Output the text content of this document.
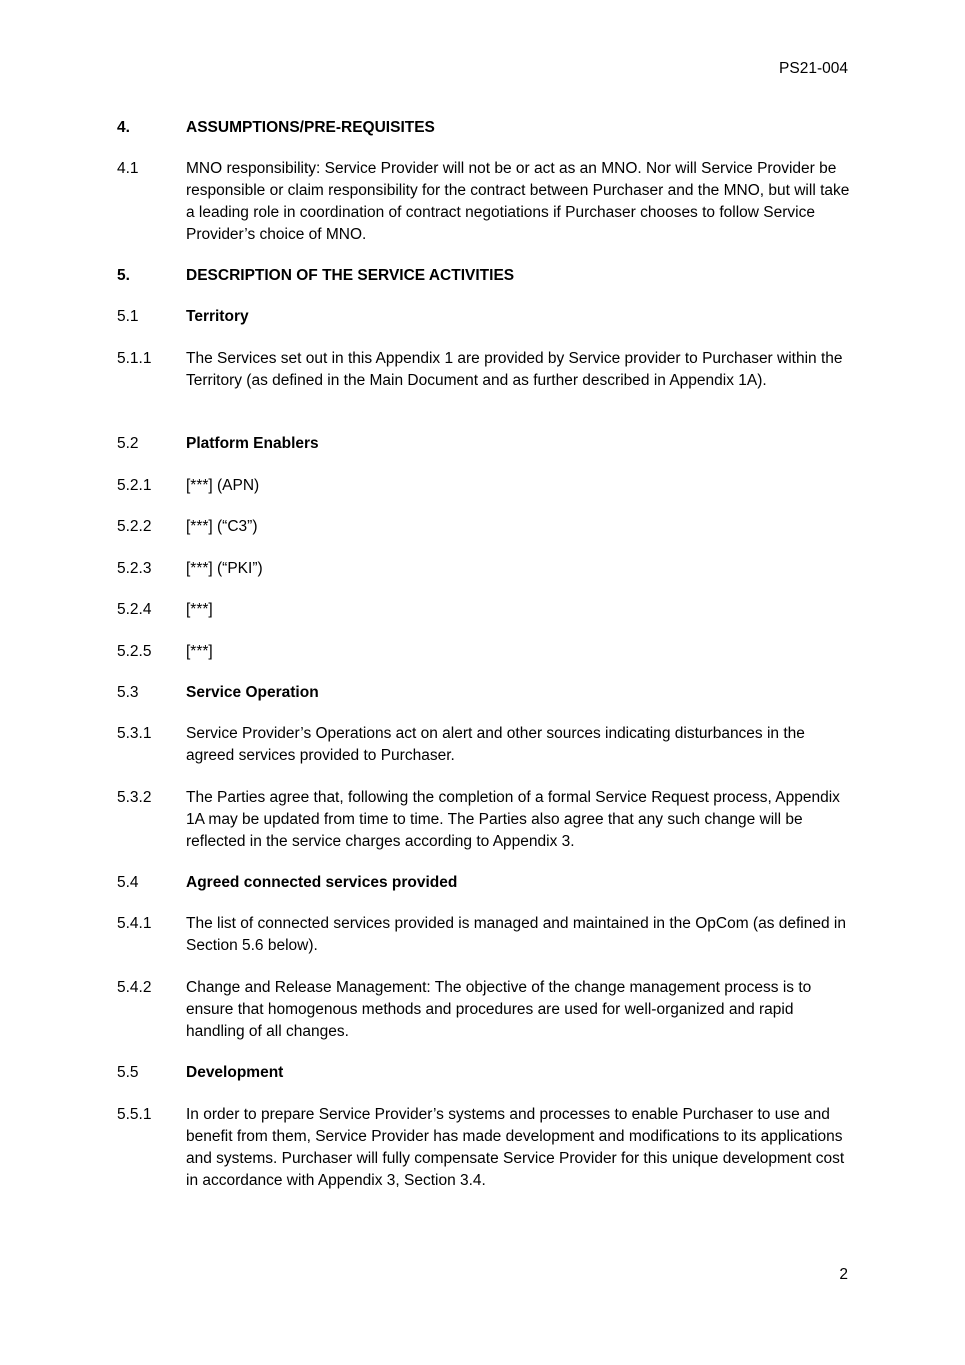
PS21-004
4.	ASSUMPTIONS/PRE-REQUISITES
4.1	MNO responsibility: Service Provider will not be or act as an MNO. Nor will Service Provider be responsible or claim responsibility for the contract between Purchaser and the MNO, but will take a leading role in coordination of contract negotiations if Purchaser chooses to follow Service Provider’s choice of MNO.
5.	DESCRIPTION OF THE SERVICE ACTIVITIES
5.1	Territory
5.1.1	The Services set out in this Appendix 1 are provided by Service provider to Purchaser within the Territory (as defined in the Main Document and as further described in Appendix 1A).
5.2	Platform Enablers
5.2.1	[***] (APN)
5.2.2	[***] (“C3”)
5.2.3	[***] (“PKI”)
5.2.4	[***]
5.2.5	[***]
5.3	Service Operation
5.3.1	Service Provider’s Operations act on alert and other sources indicating disturbances in the agreed services provided to Purchaser.
5.3.2	The Parties agree that, following the completion of a formal Service Request process, Appendix 1A may be updated from time to time. The Parties also agree that any such change will be reflected in the service charges according to Appendix 3.
5.4	Agreed connected services provided
5.4.1	The list of connected services provided is managed and maintained in the OpCom (as defined in Section 5.6 below).
5.4.2	Change and Release Management: The objective of the change management process is to ensure that homogenous methods and procedures are used for well-organized and rapid handling of all changes.
5.5	Development
5.5.1	In order to prepare Service Provider’s systems and processes to enable Purchaser to use and benefit from them, Service Provider has made development and modifications to its applications and systems. Purchaser will fully compensate Service Provider for this unique development cost in accordance with Appendix 3, Section 3.4.
2
